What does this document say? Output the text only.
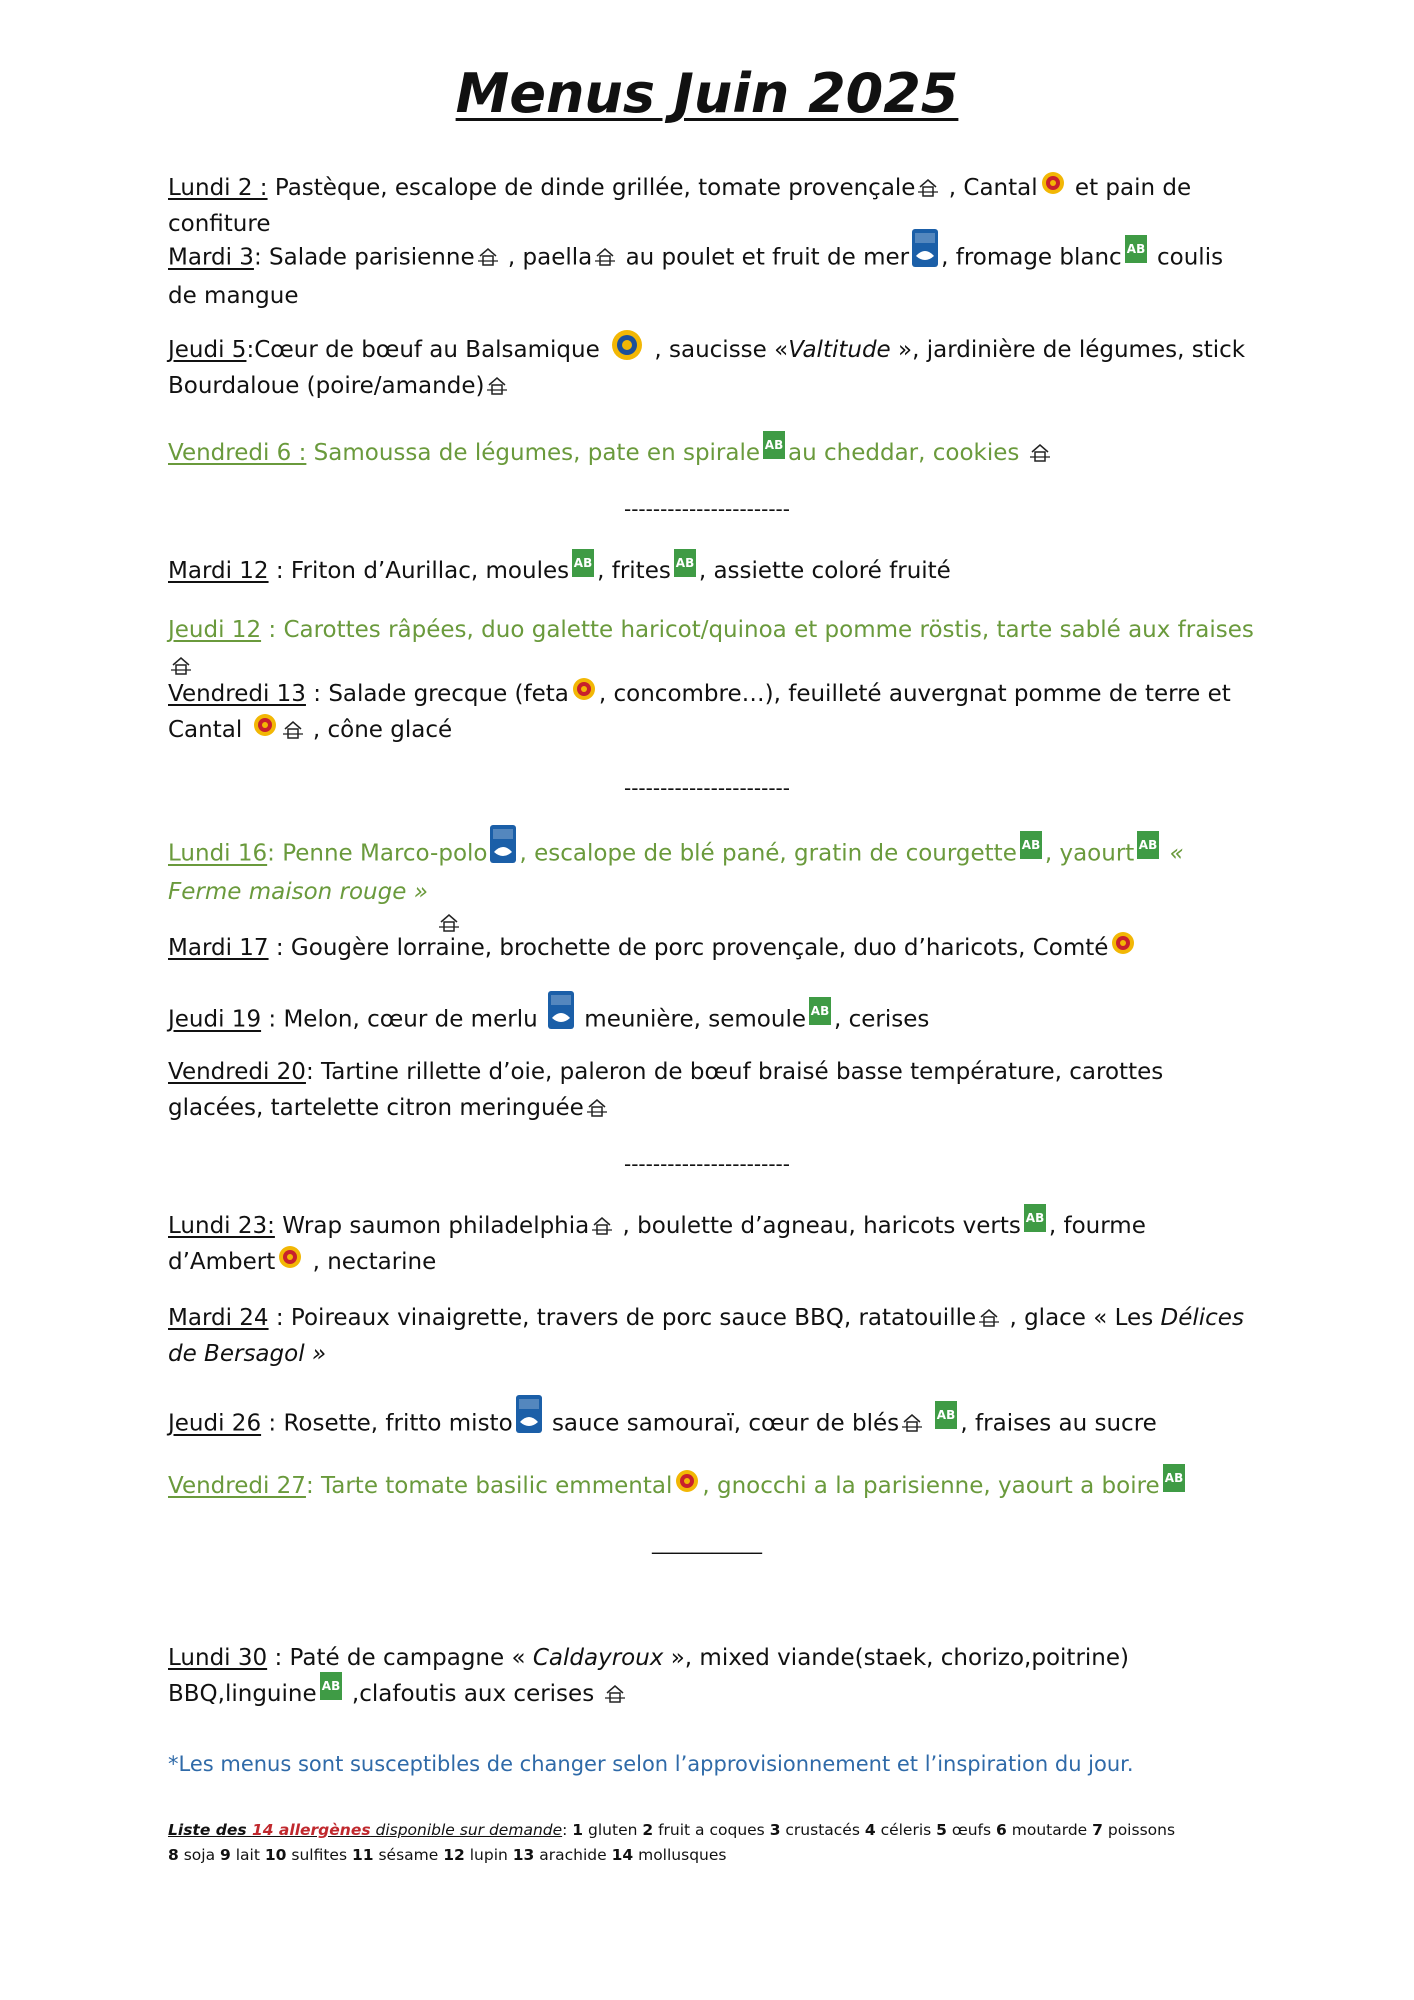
Menus Juin 2025
Lundi 2 : Pastèque, escalope de dinde grillée, tomate provençale , Cantal et pain de confiture
Mardi 3: Salade parisienne , paella au poulet et fruit de mer , fromage blanc AB coulis de mangue
Jeudi 5:Cœur de bœuf au Balsamique  , saucisse «Valtitude », jardinière de légumes, stick Bourdaloue (poire/amande)
Vendredi 6 : Samoussa de légumes, pate en spirale AB au cheddar, cookies
-----------------------
Mardi 12 : Friton d’Aurillac, moules AB , frites AB , assiette coloré fruité
Jeudi 12 : Carottes râpées, duo galette haricot/quinoa et pomme röstis, tarte sablé aux fraises
Vendredi 13 : Salade grecque (feta , concombre…), feuilleté auvergnat pomme de terre et Cantal  , cône glacé
-----------------------
Lundi 16: Penne Marco-polo , escalope de blé pané, gratin de courgette AB , yaourt AB « Ferme maison rouge »
Mardi 17 : Gougère lorraine, brochette de porc provençale, duo d’haricots, Comté
Jeudi 19 : Melon, cœur de merlu  meunière, semoule AB , cerises
Vendredi 20: Tartine rillette d’oie, paleron de bœuf braisé basse température, carottes glacées, tartelette citron meringuée
-----------------------
Lundi 23: Wrap saumon philadelphia , boulette d’agneau, haricots verts AB , fourme d’Ambert , nectarine
Mardi 24 : Poireaux vinaigrette, travers de porc sauce BBQ, ratatouille , glace « Les Délices de Bersagol »
Jeudi 26 : Rosette, fritto misto sauce samouraï, cœur de blés	AB , fraises au sucre
Vendredi 27: Tarte tomate basilic emmental , gnocchi a la parisienne, yaourt a boire AB
___________
Lundi 30 : Paté de campagne « Caldayroux », mixed viande(staek, chorizo,poitrine) BBQ,linguine AB ,clafoutis aux cerises
*Les menus sont susceptibles de changer selon l’approvisionnement et l’inspiration du jour.
Liste des 14 allergènes disponible sur demande: 1 gluten 2 fruit a coques 3 crustacés 4 céleris 5 œufs 6 moutarde 7 poissons
8 soja 9 lait 10 sulfites 11 sésame 12 lupin 13 arachide 14 mollusques
